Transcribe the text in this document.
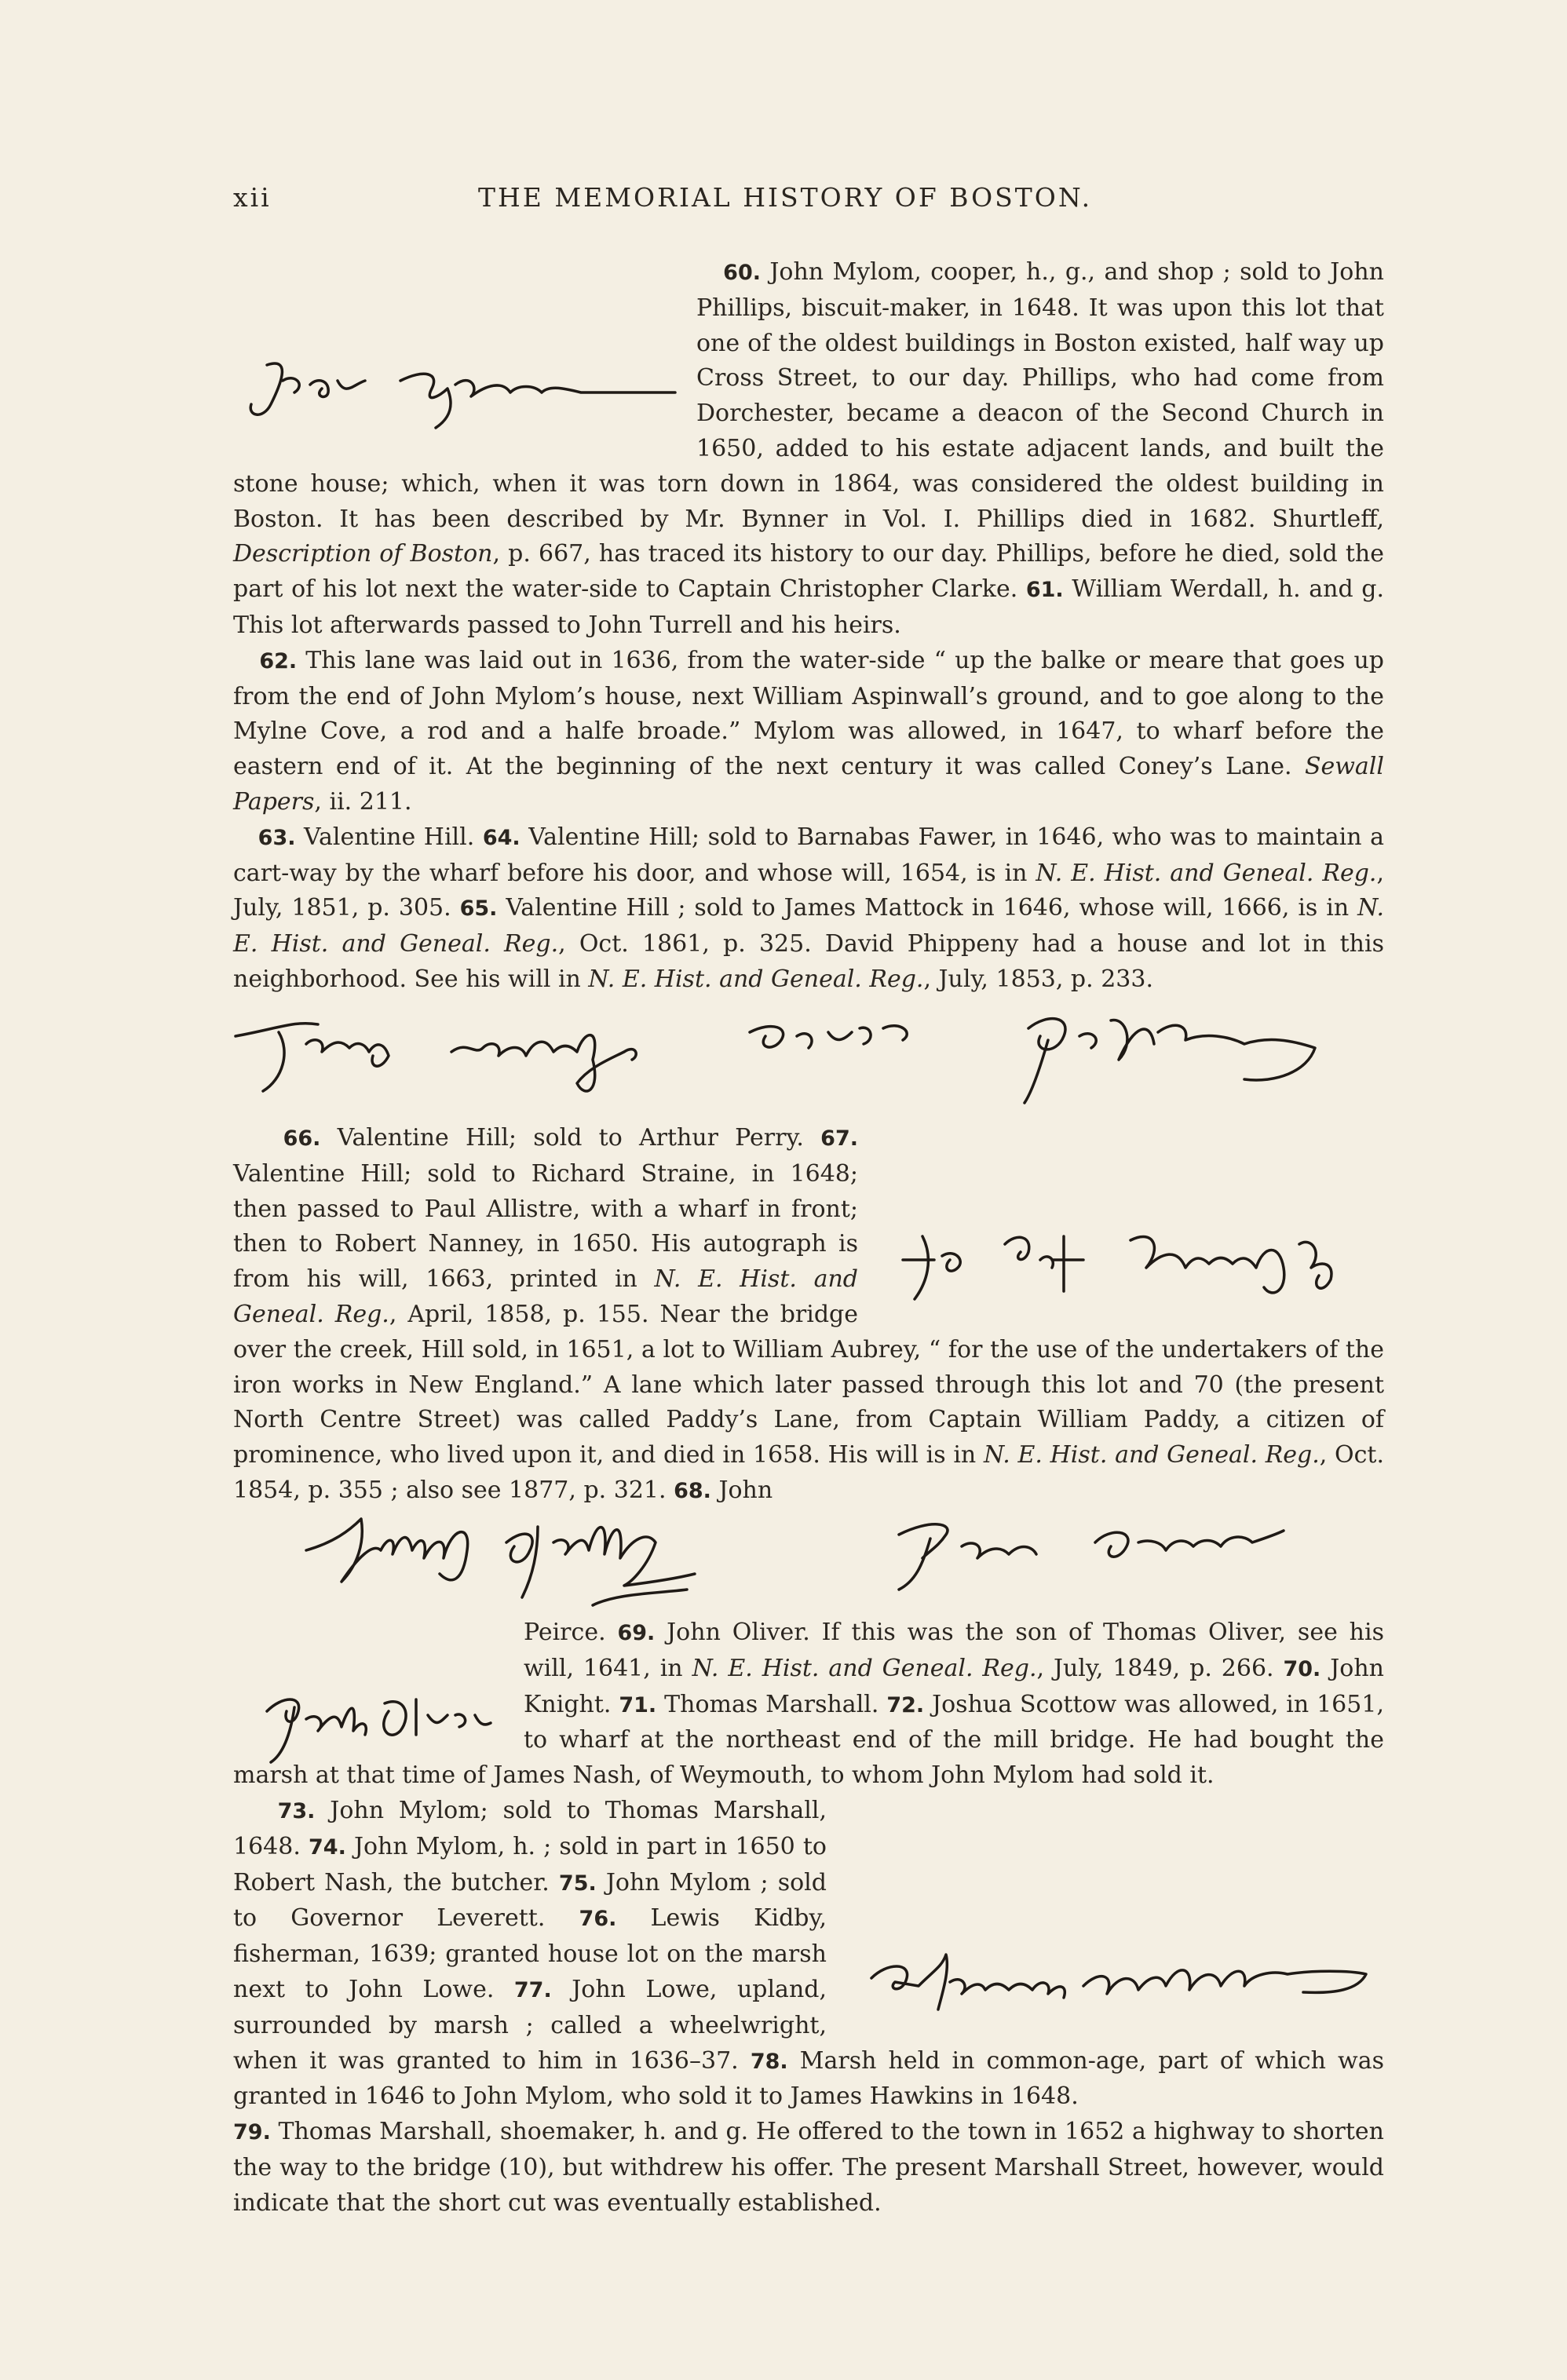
xii	THE MEMORIAL HISTORY OF BOSTON.

60. John Mylom, cooper, h., g., and shop ; sold to John Phillips, biscuit-maker, in 1648. It was upon this lot that one of the oldest buildings in Boston existed, half way up Cross Street, to our day. Phillips, who had come from Dorchester, became a deacon of the Second Church in 1650, added to his estate adjacent lands, and built the stone house; which, when it was torn down in 1864, was considered the oldest building in Boston. It has been described by Mr. Bynner in Vol. I. Phillips died in 1682. Shurtleff, Description of Boston, p. 667, has traced its history to our day. Phillips, before he died, sold the part of his lot next the water-side to Captain Christopher Clarke. 61. William Werdall, h. and g. This lot afterwards passed to John Turrell and his heirs.

62. This lane was laid out in 1636, from the water-side “ up the balke or meare that goes up from the end of John Mylom’s house, next William Aspinwall’s ground, and to goe along to the Mylne Cove, a rod and a halfe broade.” Mylom was allowed, in 1647, to wharf before the eastern end of it. At the beginning of the next century it was called Coney’s Lane. Sewall Papers, ii. 211.

63. Valentine Hill. 64. Valentine Hill; sold to Barnabas Fawer, in 1646, who was to maintain a cart-way by the wharf before his door, and whose will, 1654, is in N. E. Hist. and Geneal. Reg., July, 1851, p. 305. 65. Valentine Hill ; sold to James Mattock in 1646, whose will, 1666, is in N. E. Hist. and Geneal. Reg., Oct. 1861, p. 325. David Phippeny had a house and lot in this neighborhood. See his will in N. E. Hist. and Geneal. Reg., July, 1853, p. 233.

66. Valentine Hill; sold to Arthur Perry. 67. Valentine Hill; sold to Richard Straine, in 1648; then passed to Paul Allistre, with a wharf in front; then to Robert Nanney, in 1650. His autograph is from his will, 1663, printed in N. E. Hist. and Geneal. Reg., April, 1858, p. 155. Near the bridge over the creek, Hill sold, in 1651, a lot to William Aubrey, “ for the use of the undertakers of the iron works in New England.” A lane which later passed through this lot and 70 (the present North Centre Street) was called Paddy’s Lane, from Captain William Paddy, a citizen of prominence, who lived upon it, and died in 1658. His will is in N. E. Hist. and Geneal. Reg., Oct. 1854, p. 355 ; also see 1877, p. 321. 68. John

Peirce. 69. John Oliver. If this was the son of Thomas Oliver, see his will, 1641, in N. E. Hist. and Geneal. Reg., July, 1849, p. 266. 70. John Knight. 71. Thomas Marshall. 72. Joshua Scottow was allowed, in 1651, to wharf at the northeast end of the mill bridge. He had bought the marsh at that time of James Nash, of Weymouth, to whom John Mylom had sold it.

73. John Mylom; sold to Thomas Marshall, 1648. 74. John Mylom, h. ; sold in part in 1650 to Robert Nash, the butcher. 75. John Mylom ; sold to Governor Leverett. 76. Lewis Kidby, fisherman, 1639; granted house lot on the marsh next to John Lowe. 77. John Lowe, upland, surrounded by marsh ; called a wheelwright, when it was granted to him in 1636–37. 78. Marsh held in common-age, part of which was granted in 1646 to John Mylom, who sold it to James Hawkins in 1648.

79. Thomas Marshall, shoemaker, h. and g. He offered to the town in 1652 a highway to shorten the way to the bridge (10), but withdrew his offer. The present Marshall Street, however, would indicate that the short cut was eventually established.
